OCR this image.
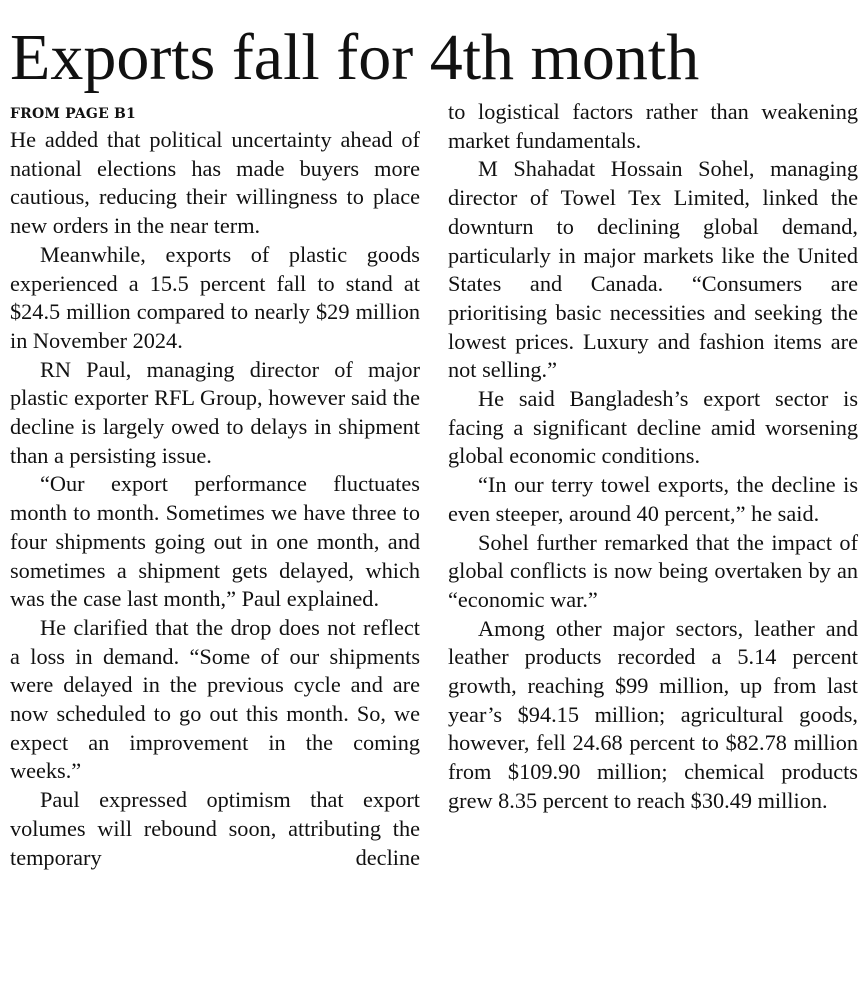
Exports fall for 4th month
FROM PAGE B1

He added that political uncertainty ahead of national elections has made buyers more cautious, reducing their willingness to place new orders in the near term.

Meanwhile, exports of plastic goods experienced a 15.5 percent fall to stand at $24.5 million compared to nearly $29 million in November 2024.

RN Paul, managing director of major plastic exporter RFL Group, however said the decline is largely owed to delays in shipment than a persisting issue.

“Our export performance fluctuates month to month. Sometimes we have three to four shipments going out in one month, and sometimes a shipment gets delayed, which was the case last month,” Paul explained.

He clarified that the drop does not reflect a loss in demand. “Some of our shipments were delayed in the previous cycle and are now scheduled to go out this month. So, we expect an improvement in the coming weeks.”

Paul expressed optimism that export volumes will rebound soon, attributing the temporary decline

to logistical factors rather than weakening market fundamentals.

M Shahadat Hossain Sohel, managing director of Towel Tex Limited, linked the downturn to declining global demand, particularly in major markets like the United States and Canada. “Consumers are prioritising basic necessities and seeking the lowest prices. Luxury and fashion items are not selling.”

He said Bangladesh’s export sector is facing a significant decline amid worsening global economic conditions.

“In our terry towel exports, the decline is even steeper, around 40 percent,” he said.

Sohel further remarked that the impact of global conflicts is now being overtaken by an “economic war.”

Among other major sectors, leather and leather products recorded a 5.14 percent growth, reaching $99 million, up from last year’s $94.15 million; agricultural goods, however, fell 24.68 percent to $82.78 million from $109.90 million; chemical products grew 8.35 percent to reach $30.49 million.
